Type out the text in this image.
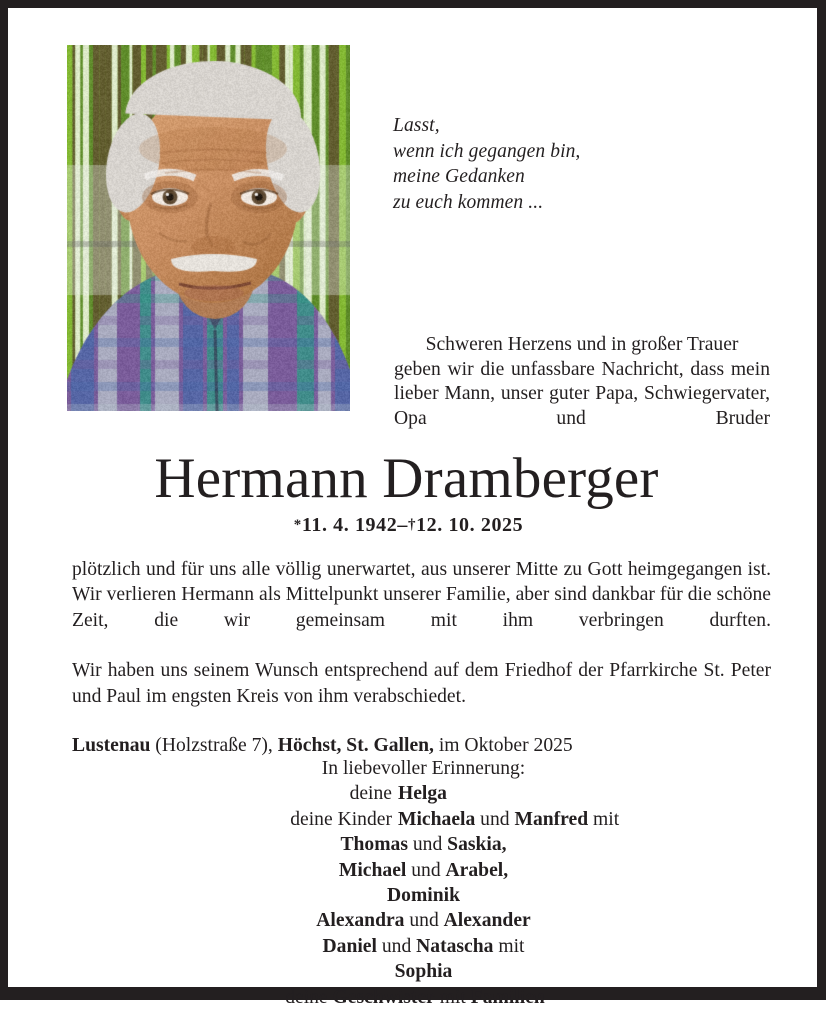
Lasst,
wenn ich gegangen bin,
meine Gedanken
zu euch kommen ...
Schweren Herzens und in großer Trauer
geben wir die unfassbare Nachricht, dass mein lieber Mann, unser guter Papa, Schwiegervater, Opa und Bruder
Hermann Dramberger
*11. 4. 1942–†12. 10. 2025

plötzlich und für uns alle völlig unerwartet, aus unserer Mitte zu Gott heimgegangen ist. Wir verlieren Hermann als Mittelpunkt unserer Familie, aber sind dankbar für die schöne Zeit, die wir gemeinsam mit ihm verbringen durften.

Wir haben uns seinem Wunsch entsprechend auf dem Friedhof der Pfarrkirche St. Peter und Paul im engsten Kreis von ihm verabschiedet.

Lustenau (Holzstraße 7), Höchst, St. Gallen, im Oktober 2025

In liebevoller Erinnerung:
deine Helga
deine Kinder Michaela und Manfred mit
Thomas und Saskia,
Michael und Arabel,
Dominik
Alexandra und Alexander
Daniel und Natascha mit
Sophia
deine Geschwister mit Familien
